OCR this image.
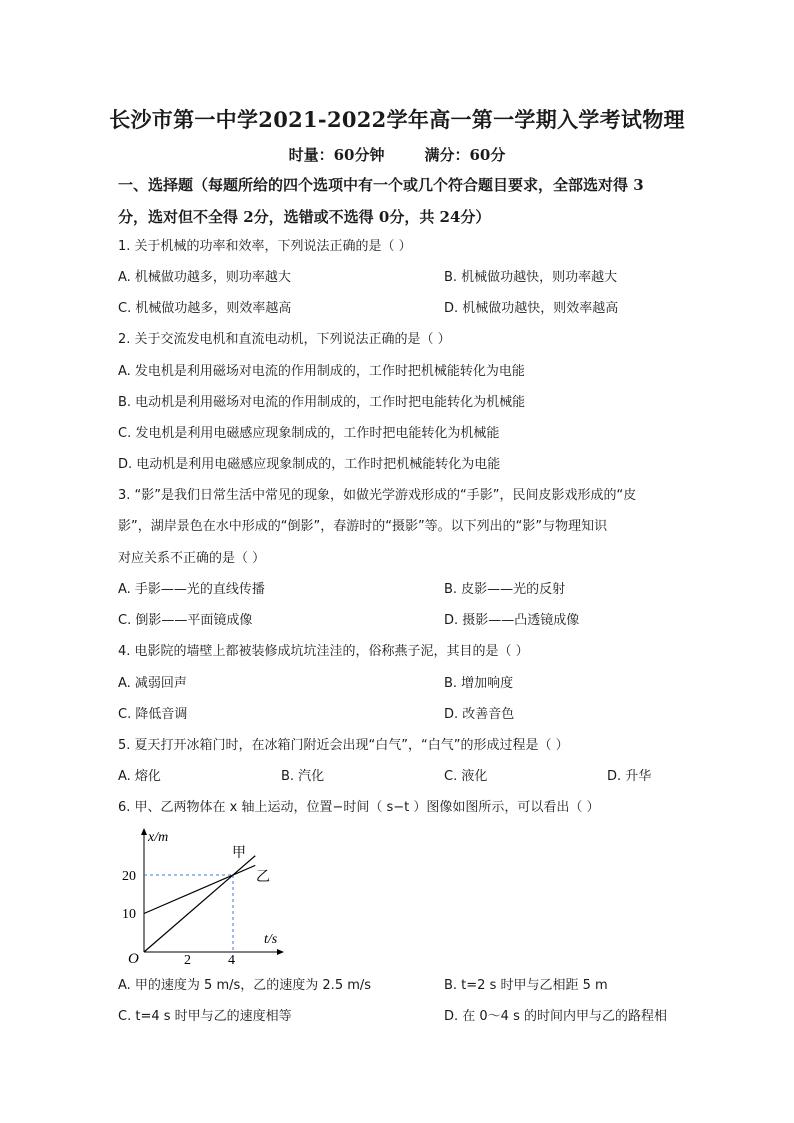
长沙市第一中学2021-2022学年高一第一学期入学考试物理
时量：60分钟	满分：60分
一、选择题（每题所给的四个选项中有一个或几个符合题目要求，全部选对得 3
分，选对但不全得 2分，选错或不选得 0分，共 24分）
1. 关于机械的功率和效率，下列说法正确的是（ ）
A. 机械做功越多，则功率越大	B. 机械做功越快，则功率越大
C. 机械做功越多，则效率越高	D. 机械做功越快，则效率越高
2. 关于交流发电机和直流电动机，下列说法正确的是（ ）
A. 发电机是利用磁场对电流的作用制成的，工作时把机械能转化为电能
B. 电动机是利用磁场对电流的作用制成的，工作时把电能转化为机械能
C. 发电机是利用电磁感应现象制成的，工作时把电能转化为机械能
D. 电动机是利用电磁感应现象制成的，工作时把机械能转化为电能
3. “影”是我们日常生活中常见的现象，如做光学游戏形成的“手影”，民间皮影戏形成的“皮
影”，湖岸景色在水中形成的“倒影”，春游时的“摄影”等。以下列出的“影”与物理知识
对应关系不正确的是（ ）
A. 手影——光的直线传播	B. 皮影——光的反射
C. 倒影——平面镜成像	D. 摄影——凸透镜成像
4. 电影院的墙壁上都被装修成坑坑洼洼的，俗称燕子泥，其目的是（ ）
A. 减弱回声	B. 增加响度
C. 降低音调	D. 改善音色
5. 夏天打开冰箱门时，在冰箱门附近会出现“白气”，“白气”的形成过程是（ ）
A. 熔化	B. 汽化	C. 液化	D. 升华
6. 甲、乙两物体在 x 轴上运动，位置−时间（ s−t ）图像如图所示，可以看出（ ）
x/m
t/s
O	2	4
10
20
甲
乙
A. 甲的速度为 5 m/s，乙的速度为 2.5 m/s	B. t=2 s 时甲与乙相距 5 m
C. t=4 s 时甲与乙的速度相等	D. 在 0～4 s 的时间内甲与乙的路程相
